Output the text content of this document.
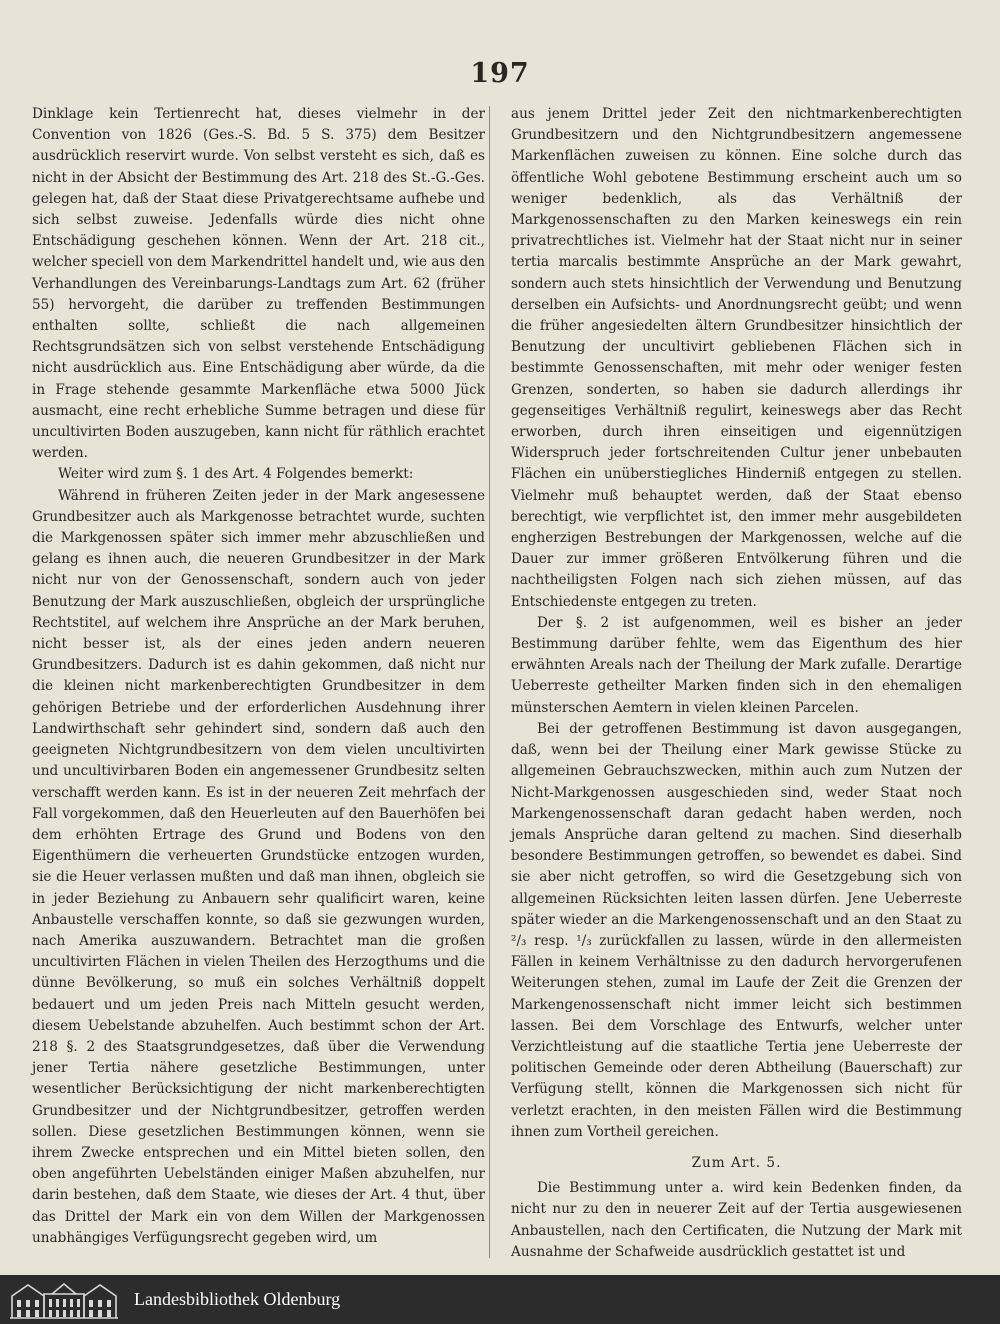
197

Dinklage kein Tertienrecht hat, dieses vielmehr in der Convention von 1826 (Ges.-S. Bd. 5 S. 375) dem Besitzer ausdrücklich reservirt wurde. Von selbst versteht es sich, daß es nicht in der Absicht der Bestimmung des Art. 218 des St.-G.-Ges. gelegen hat, daß der Staat diese Privatgerechtsame aufhebe und sich selbst zuweise. Jedenfalls würde dies nicht ohne Entschädigung geschehen können. Wenn der Art. 218 cit., welcher speciell von dem Markendrittel handelt und, wie aus den Verhandlungen des Vereinbarungs-Landtags zum Art. 62 (früher 55) hervorgeht, die darüber zu treffenden Bestimmungen enthalten sollte, schließt die nach allgemeinen Rechtsgrundsätzen sich von selbst verstehende Entschädigung nicht ausdrücklich aus. Eine Entschädigung aber würde, da die in Frage stehende gesammte Markenfläche etwa 5000 Jück ausmacht, eine recht erhebliche Summe betragen und diese für uncultivirten Boden auszugeben, kann nicht für räthlich erachtet werden.

Weiter wird zum §. 1 des Art. 4 Folgendes bemerkt:

Während in früheren Zeiten jeder in der Mark angesessene Grundbesitzer auch als Markgenosse betrachtet wurde, suchten die Markgenossen später sich immer mehr abzuschließen und gelang es ihnen auch, die neueren Grundbesitzer in der Mark nicht nur von der Genossenschaft, sondern auch von jeder Benutzung der Mark auszuschließen, obgleich der ursprüngliche Rechtstitel, auf welchem ihre Ansprüche an der Mark beruhen, nicht besser ist, als der eines jeden andern neueren Grundbesitzers. Dadurch ist es dahin gekommen, daß nicht nur die kleinen nicht markenberechtigten Grundbesitzer in dem gehörigen Betriebe und der erforderlichen Ausdehnung ihrer Landwirthschaft sehr gehindert sind, sondern daß auch den geeigneten Nichtgrundbesitzern von dem vielen uncultivirten und uncultivirbaren Boden ein angemessener Grundbesitz selten verschafft werden kann. Es ist in der neueren Zeit mehrfach der Fall vorgekommen, daß den Heuerleuten auf den Bauerhöfen bei dem erhöhten Ertrage des Grund und Bodens von den Eigenthümern die verheuerten Grundstücke entzogen wurden, sie die Heuer verlassen mußten und daß man ihnen, obgleich sie in jeder Beziehung zu Anbauern sehr qualificirt waren, keine Anbaustelle verschaffen konnte, so daß sie gezwungen wurden, nach Amerika auszuwandern. Betrachtet man die großen uncultivirten Flächen in vielen Theilen des Herzogthums und die dünne Bevölkerung, so muß ein solches Verhältniß doppelt bedauert und um jeden Preis nach Mitteln gesucht werden, diesem Uebelstande abzuhelfen. Auch bestimmt schon der Art. 218 §. 2 des Staatsgrundgesetzes, daß über die Verwendung jener Tertia nähere gesetzliche Bestimmungen, unter wesentlicher Berücksichtigung der nicht markenberechtigten Grundbesitzer und der Nichtgrundbesitzer, getroffen werden sollen. Diese gesetzlichen Bestimmungen können, wenn sie ihrem Zwecke entsprechen und ein Mittel bieten sollen, den oben angeführten Uebelständen einiger Maßen abzuhelfen, nur darin bestehen, daß dem Staate, wie dieses der Art. 4 thut, über das Drittel der Mark ein von dem Willen der Markgenossen unabhängiges Verfügungsrecht gegeben wird, um

aus jenem Drittel jeder Zeit den nichtmarkenberechtigten Grundbesitzern und den Nichtgrundbesitzern angemessene Markenflächen zuweisen zu können. Eine solche durch das öffentliche Wohl gebotene Bestimmung erscheint auch um so weniger bedenklich, als das Verhältniß der Markgenossenschaften zu den Marken keineswegs ein rein privatrechtliches ist. Vielmehr hat der Staat nicht nur in seiner tertia marcalis bestimmte Ansprüche an der Mark gewahrt, sondern auch stets hinsichtlich der Verwendung und Benutzung derselben ein Aufsichts- und Anordnungsrecht geübt; und wenn die früher angesiedelten ältern Grundbesitzer hinsichtlich der Benutzung der uncultivirt gebliebenen Flächen sich in bestimmte Genossenschaften, mit mehr oder weniger festen Grenzen, sonderten, so haben sie dadurch allerdings ihr gegenseitiges Verhältniß regulirt, keineswegs aber das Recht erworben, durch ihren einseitigen und eigennützigen Widerspruch jeder fortschreitenden Cultur jener unbebauten Flächen ein unüberstiegliches Hinderniß entgegen zu stellen. Vielmehr muß behauptet werden, daß der Staat ebenso berechtigt, wie verpflichtet ist, den immer mehr ausgebildeten engherzigen Bestrebungen der Markgenossen, welche auf die Dauer zur immer größeren Entvölkerung führen und die nachtheiligsten Folgen nach sich ziehen müssen, auf das Entschiedenste entgegen zu treten.

Der §. 2 ist aufgenommen, weil es bisher an jeder Bestimmung darüber fehlte, wem das Eigenthum des hier erwähnten Areals nach der Theilung der Mark zufalle. Derartige Ueberreste getheilter Marken finden sich in den ehemaligen münsterschen Aemtern in vielen kleinen Parcelen.

Bei der getroffenen Bestimmung ist davon ausgegangen, daß, wenn bei der Theilung einer Mark gewisse Stücke zu allgemeinen Gebrauchszwecken, mithin auch zum Nutzen der Nicht-Markgenossen ausgeschieden sind, weder Staat noch Markengenossenschaft daran gedacht haben werden, noch jemals Ansprüche daran geltend zu machen. Sind dieserhalb besondere Bestimmungen getroffen, so bewendet es dabei. Sind sie aber nicht getroffen, so wird die Gesetzgebung sich von allgemeinen Rücksichten leiten lassen dürfen. Jene Ueberreste später wieder an die Markengenossenschaft und an den Staat zu ²/₃ resp. ¹/₃ zurückfallen zu lassen, würde in den allermeisten Fällen in keinem Verhältnisse zu den dadurch hervorgerufenen Weiterungen stehen, zumal im Laufe der Zeit die Grenzen der Markengenossenschaft nicht immer leicht sich bestimmen lassen. Bei dem Vorschlage des Entwurfs, welcher unter Verzichtleistung auf die staatliche Tertia jene Ueberreste der politischen Gemeinde oder deren Abtheilung (Bauerschaft) zur Verfügung stellt, können die Markgenossen sich nicht für verletzt erachten, in den meisten Fällen wird die Bestimmung ihnen zum Vortheil gereichen.

Zum Art. 5.

Die Bestimmung unter a. wird kein Bedenken finden, da nicht nur zu den in neuerer Zeit auf der Tertia ausgewiesenen Anbaustellen, nach den Certificaten, die Nutzung der Mark mit Ausnahme der Schafweide ausdrücklich gestattet ist und

Landesbibliothek Oldenburg
